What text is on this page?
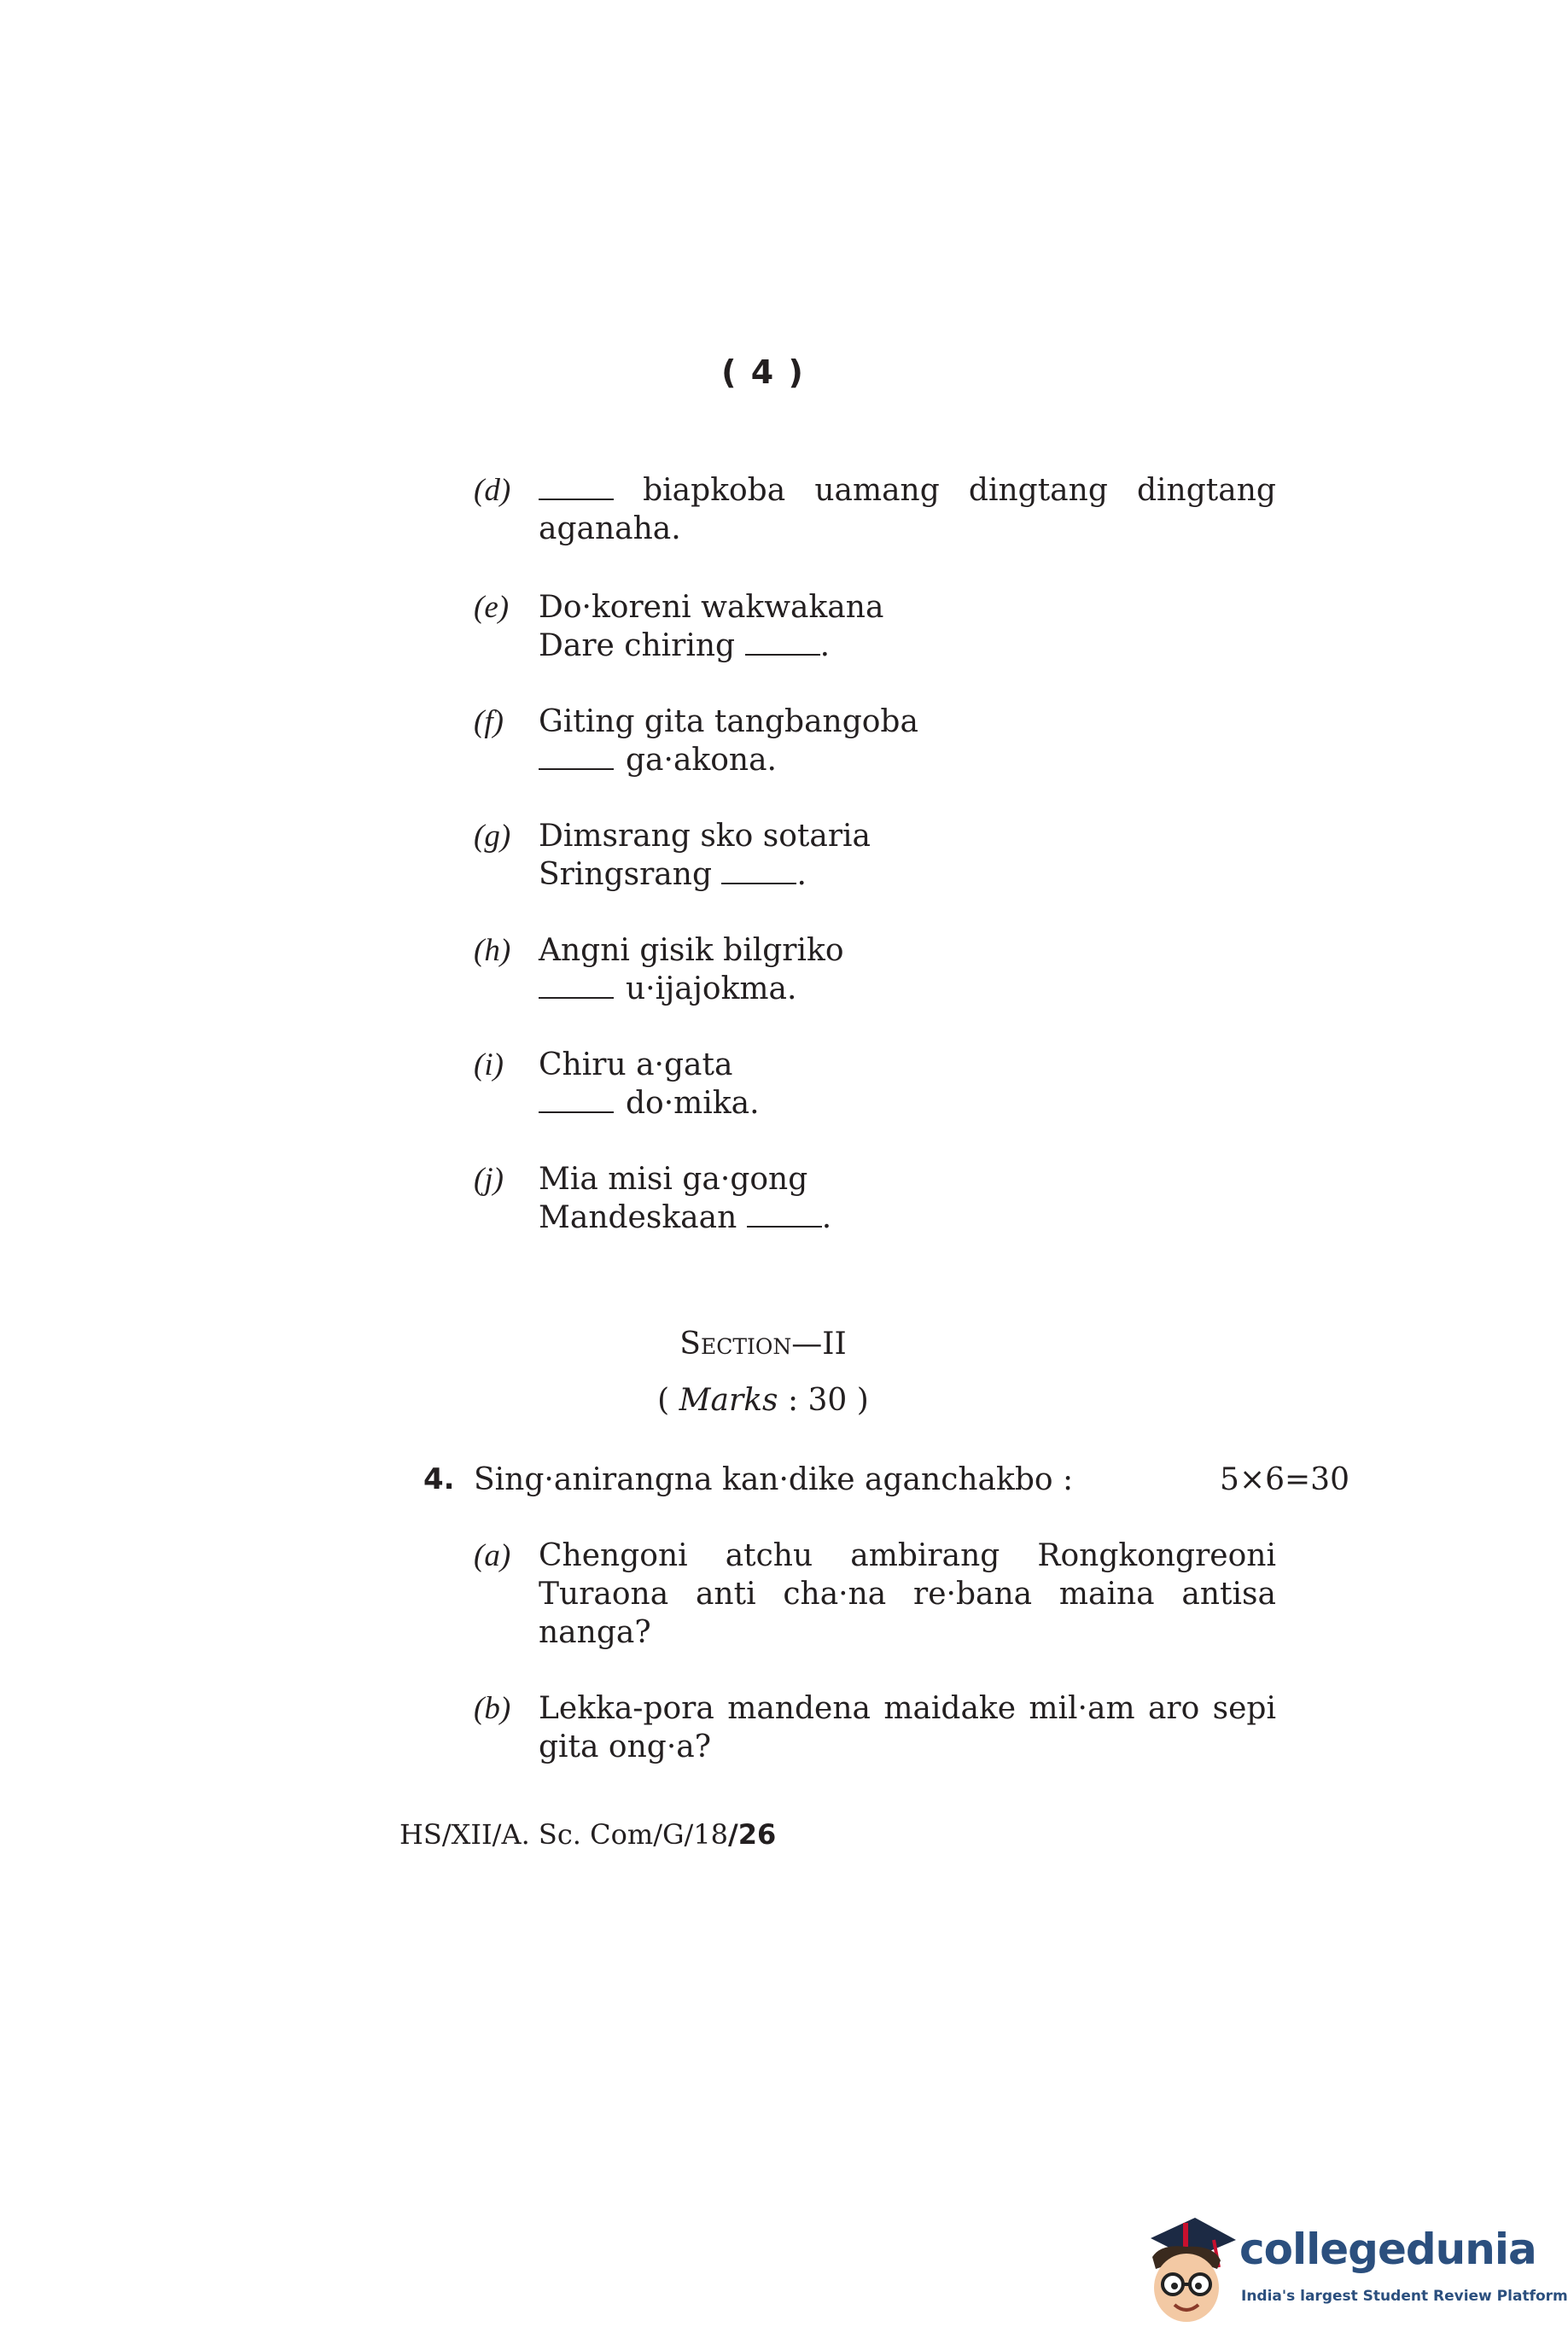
( 4 )
(d)	biapkoba uamang dingtang dingtang
aganaha.
(e) Do·koreni wakwakana
Dare chiring	.
(f) Giting gita tangbangoba
ga·akona.
(g) Dimsrang sko sotaria
Sringsrang	.
(h) Angni gisik bilgriko
u·ijajokma.
(i) Chiru a·gata
do·mika.
(j) Mia misi ga·gong
Mandeskaan	.
Section—II
( Marks : 30 )
4. Sing·anirangna kan·dike aganchakbo :	5×6=30
(a) Chengoni atchu ambirang Rongkongreoni
Turaona anti cha·na re·bana maina antisa
nanga?
(b) Lekka-pora mandena maidake mil·am aro sepi
gita ong·a?
HS/XII/A. Sc. Com/G/18/26
collegedunia
India's largest Student Review Platform
